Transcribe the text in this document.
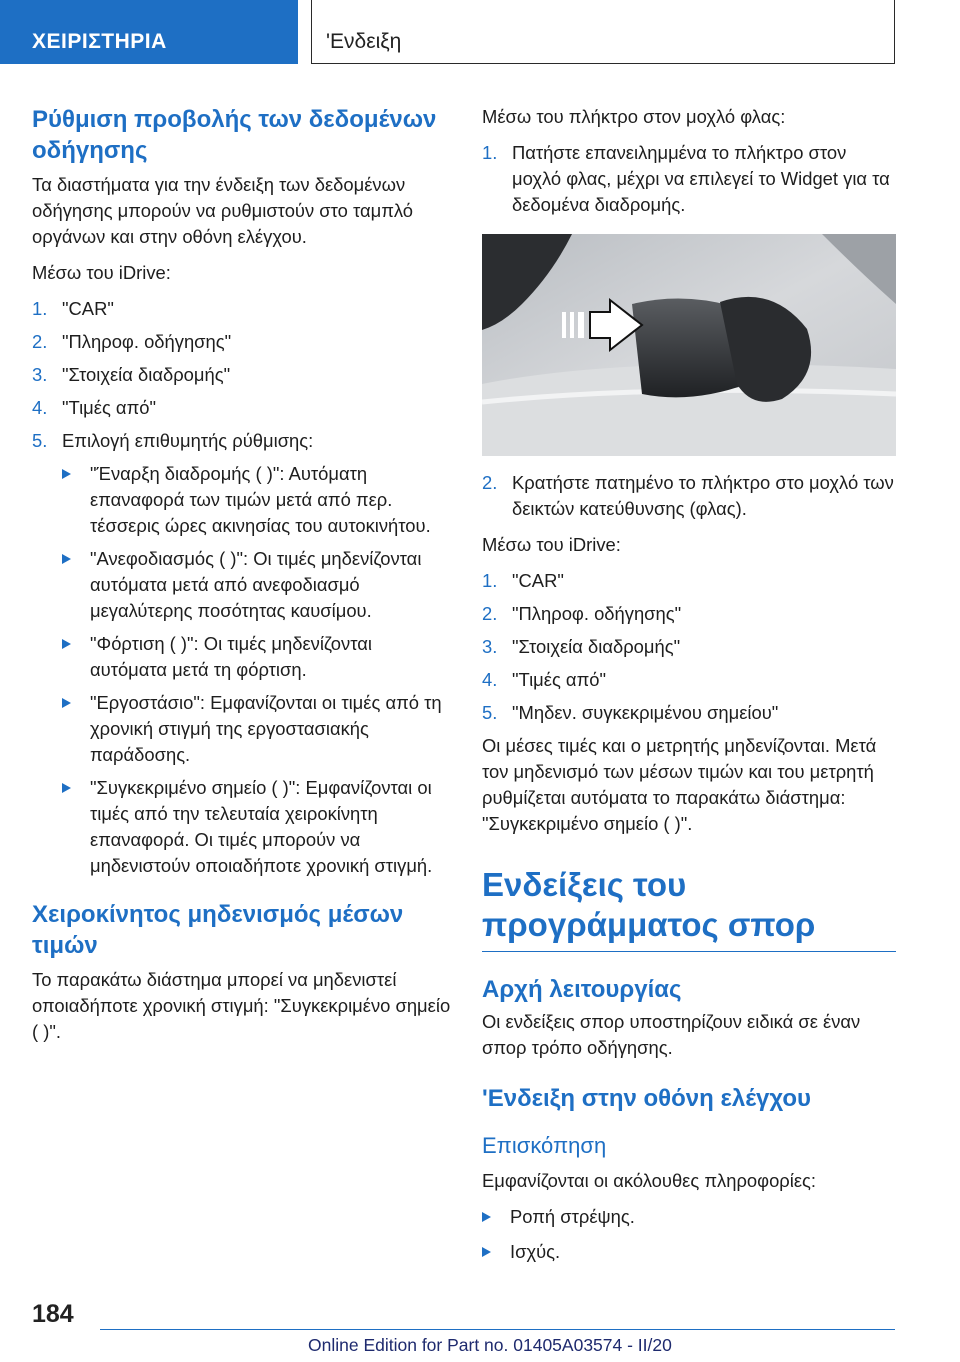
ΧΕΙΡΙΣΤΗΡΙΑ	'Ενδειξη
Ρύθμιση προβολής των δεδομένων οδήγησης

Τα διαστήματα για την ένδειξη των δεδομένων οδήγησης μπορούν να ρυθμιστούν στο ταμπλό οργάνων και στην οθόνη ελέγχου.

Μέσω του iDrive:

1. "CAR"
2. "Πληροφ. οδήγησης"
3. "Στοιχεία διαδρομής"
4. "Τιμές από"
5. Επιλογή επιθυμητής ρύθμισης:
"Έναρξη διαδρομής ( )": Αυτόματη επαναφορά των τιμών μετά από περ. τέσσερις ώρες ακινησίας του αυτοκινήτου.
"Ανεφοδιασμός ( )": Οι τιμές μηδενίζονται αυτόματα μετά από ανεφοδιασμό μεγαλύτερης ποσότητας καυσίμου.
"Φόρτιση ( )": Οι τιμές μηδενίζονται αυτόματα μετά τη φόρτιση.
"Εργοστάσιο": Εμφανίζονται οι τιμές από τη χρονική στιγμή της εργοστασιακής παράδοσης.
"Συγκεκριμένο σημείο ( )": Εμφανίζονται οι τιμές από την τελευταία χειροκίνητη επαναφορά. Οι τιμές μπορούν να μηδενιστούν οποιαδήποτε χρονική στιγμή.
Χειροκίνητος μηδενισμός μέσων τιμών

Το παρακάτω διάστημα μπορεί να μηδενιστεί οποιαδήποτε χρονική στιγμή: "Συγκεκριμένο σημείο ( )".

Μέσω του πλήκτρο στον μοχλό φλας:

1. Πατήστε επανειλημμένα το πλήκτρο στον μοχλό φλας, μέχρι να επιλεγεί το Widget για τα δεδομένα διαδρομής.
2. Κρατήστε πατημένο το πλήκτρο στο μοχλό των δεικτών κατεύθυνσης (φλας).

Μέσω του iDrive:

1. "CAR"
2. "Πληροφ. οδήγησης"
3. "Στοιχεία διαδρομής"
4. "Τιμές από"
5. "Μηδεν. συγκεκριμένου σημείου"

Οι μέσες τιμές και ο μετρητής μηδενίζονται. Μετά τον μηδενισμό των μέσων τιμών και του μετρητή ρυθμίζεται αυτόματα το παρακάτω διάστημα: "Συγκεκριμένο σημείο ( )".

Ενδείξεις του προγράμματος σπορ
Αρχή λειτουργίας

Οι ενδείξεις σπορ υποστηρίζουν ειδικά σε έναν σπορ τρόπο οδήγησης.

'Ενδειξη στην οθόνη ελέγχου
Επισκόπηση

Εμφανίζονται οι ακόλουθες πληροφορίες:

Ροπή στρέψης.
Ισχύς.
184
Online Edition for Part no. 01405A03574 - II/20
